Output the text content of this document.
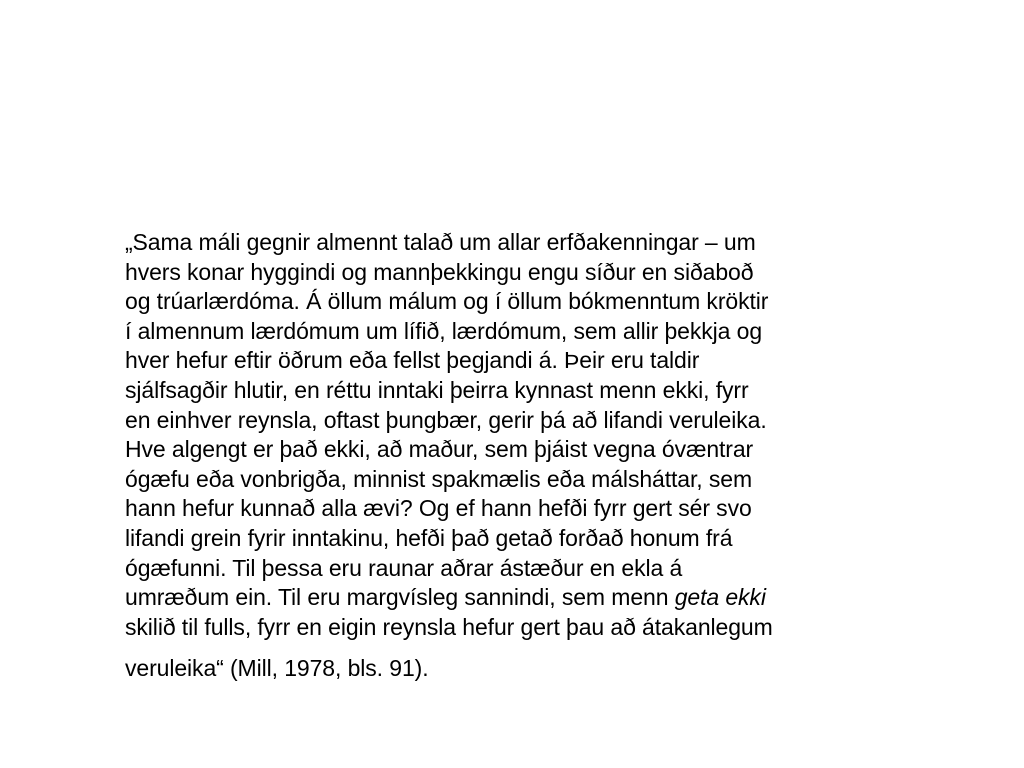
„Sama máli gegnir almennt talað um allar erfðakenningar – um
hvers konar hyggindi og mannþekkingu engu síður en siðaboð
og trúarlærdóma. Á öllum málum og í öllum bókmenntum kröktir
í almennum lærdómum um lífið, lærdómum, sem allir þekkja og
hver hefur eftir öðrum eða fellst þegjandi á. Þeir eru taldir
sjálfsagðir hlutir, en réttu inntaki þeirra kynnast menn ekki, fyrr
en einhver reynsla, oftast þungbær, gerir þá að lifandi veruleika.
Hve algengt er það ekki, að maður, sem þjáist vegna óvæntrar
ógæfu eða vonbrigða, minnist spakmælis eða málsháttar, sem
hann hefur kunnað alla ævi? Og ef hann hefði fyrr gert sér svo
lifandi grein fyrir inntakinu, hefði það getað forðað honum frá
ógæfunni. Til þessa eru raunar aðrar ástæður en ekla á
umræðum ein. Til eru margvísleg sannindi, sem menn geta ekki
skilið til fulls, fyrr en eigin reynsla hefur gert þau að átakanlegum
veruleika“ (Mill, 1978, bls. 91).
